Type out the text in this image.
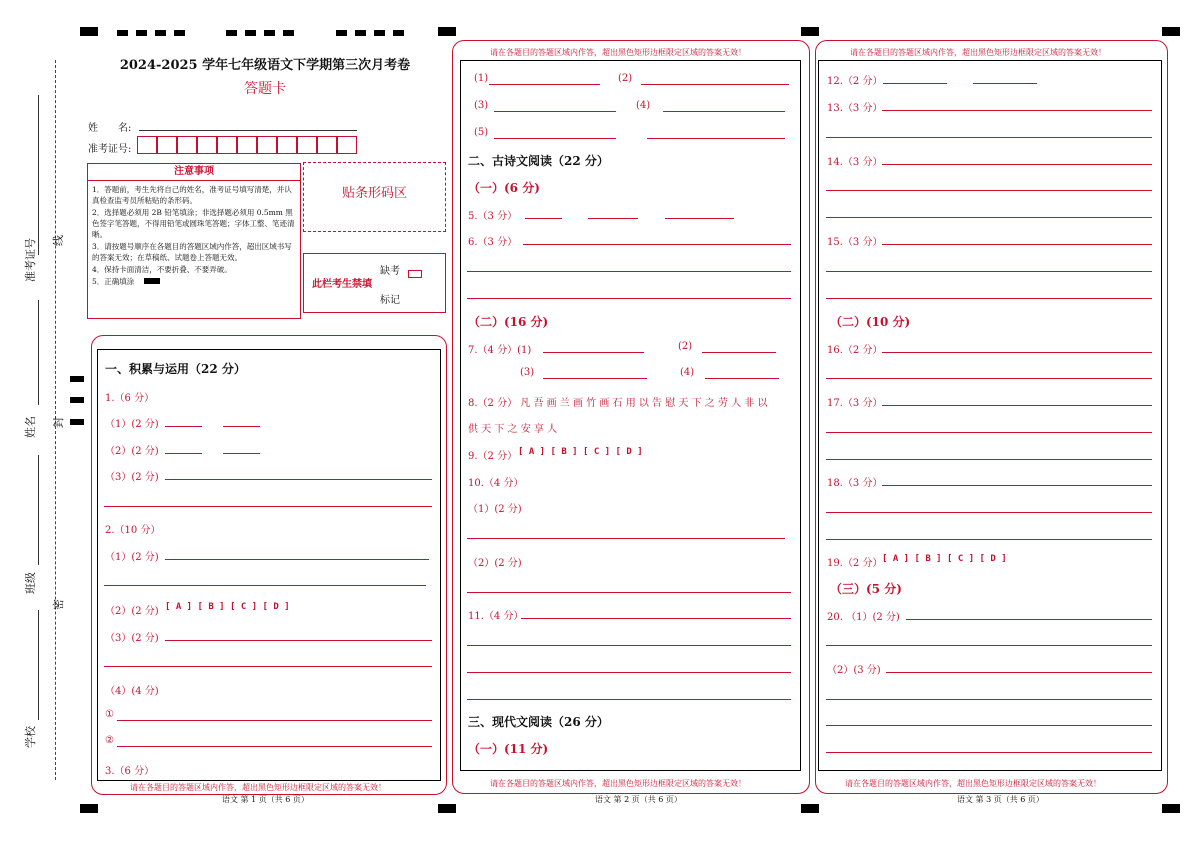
准考证号 线
姓名 封
班级
密
学校
2024-2025 学年七年级语文下学期第三次月考卷
答题卡
姓　　名:
准考证号:
注意事项

1．答题前，考生先将自己的姓名，准考证号填写清楚，并认真检查监考员所粘贴的条形码。

2．选择题必须用 2B 铅笔填涂；非选择题必须用 0.5mm 黑色签字笔答题，不得用铅笔或圆珠笔答题；字体工整、笔迹清晰。

3．请按题号顺序在各题目的答题区域内作答，超出区域书写的答案无效；在草稿纸、试题卷上答题无效。

4．保持卡面清洁，不要折叠、不要弄破。

5．正确填涂

贴条形码区
此栏考生禁填
缺考
标记
一、积累与运用（22 分）
1.（6 分）
（1）(2 分)
（2）(2 分)
（3）(2 分)
2.（10 分）
（1）(2 分)
（2）(2 分) [ A ] [ B ] [ C ] [ D ]
（3）(2 分)
（4）(4 分)
①
②
3.（6 分）
请在各题目的答题区域内作答，超出黑色矩形边框限定区域的答案无效！
语文 第 1 页（共 6 页）
请在各题目的答题区域内作答，超出黑色矩形边框限定区域的答案无效！
(1)	(2)
(3)	(4)
(5)
二、古诗文阅读（22 分）
（一）(6 分)
5.（3 分）
6.（3 分）
（二）(16 分)
7.（4 分）(1)	(2)
(3)	(4)
8.（2 分） 凡 吾 画 兰 画 竹 画 石 用 以 告 慰 天 下 之 劳 人 非 以
供 天 下 之 安 享 人
9.（2 分） [ A ] [ B ] [ C ] [ D ]
10.（4 分）
（1）(2 分)
（2）(2 分)
11.（4 分）
三、现代文阅读（26 分）
（一）(11 分)
请在各题目的答题区域内作答，超出黑色矩形边框限定区域的答案无效！
语文 第 2 页（共 6 页）
请在各题目的答题区域内作答，超出黑色矩形边框限定区域的答案无效！
12.（2 分）
13.（3 分）
14.（3 分）
15.（3 分）
（二）(10 分)
16.（2 分）
17.（3 分）
18.（3 分）
19.（2 分） [ A ] [ B ] [ C ] [ D ]
（三）(5 分)
20. （1）(2 分)
（2）(3 分)
请在各题目的答题区域内作答，超出黑色矩形边框限定区域的答案无效！
语文 第 3 页（共 6 页）
